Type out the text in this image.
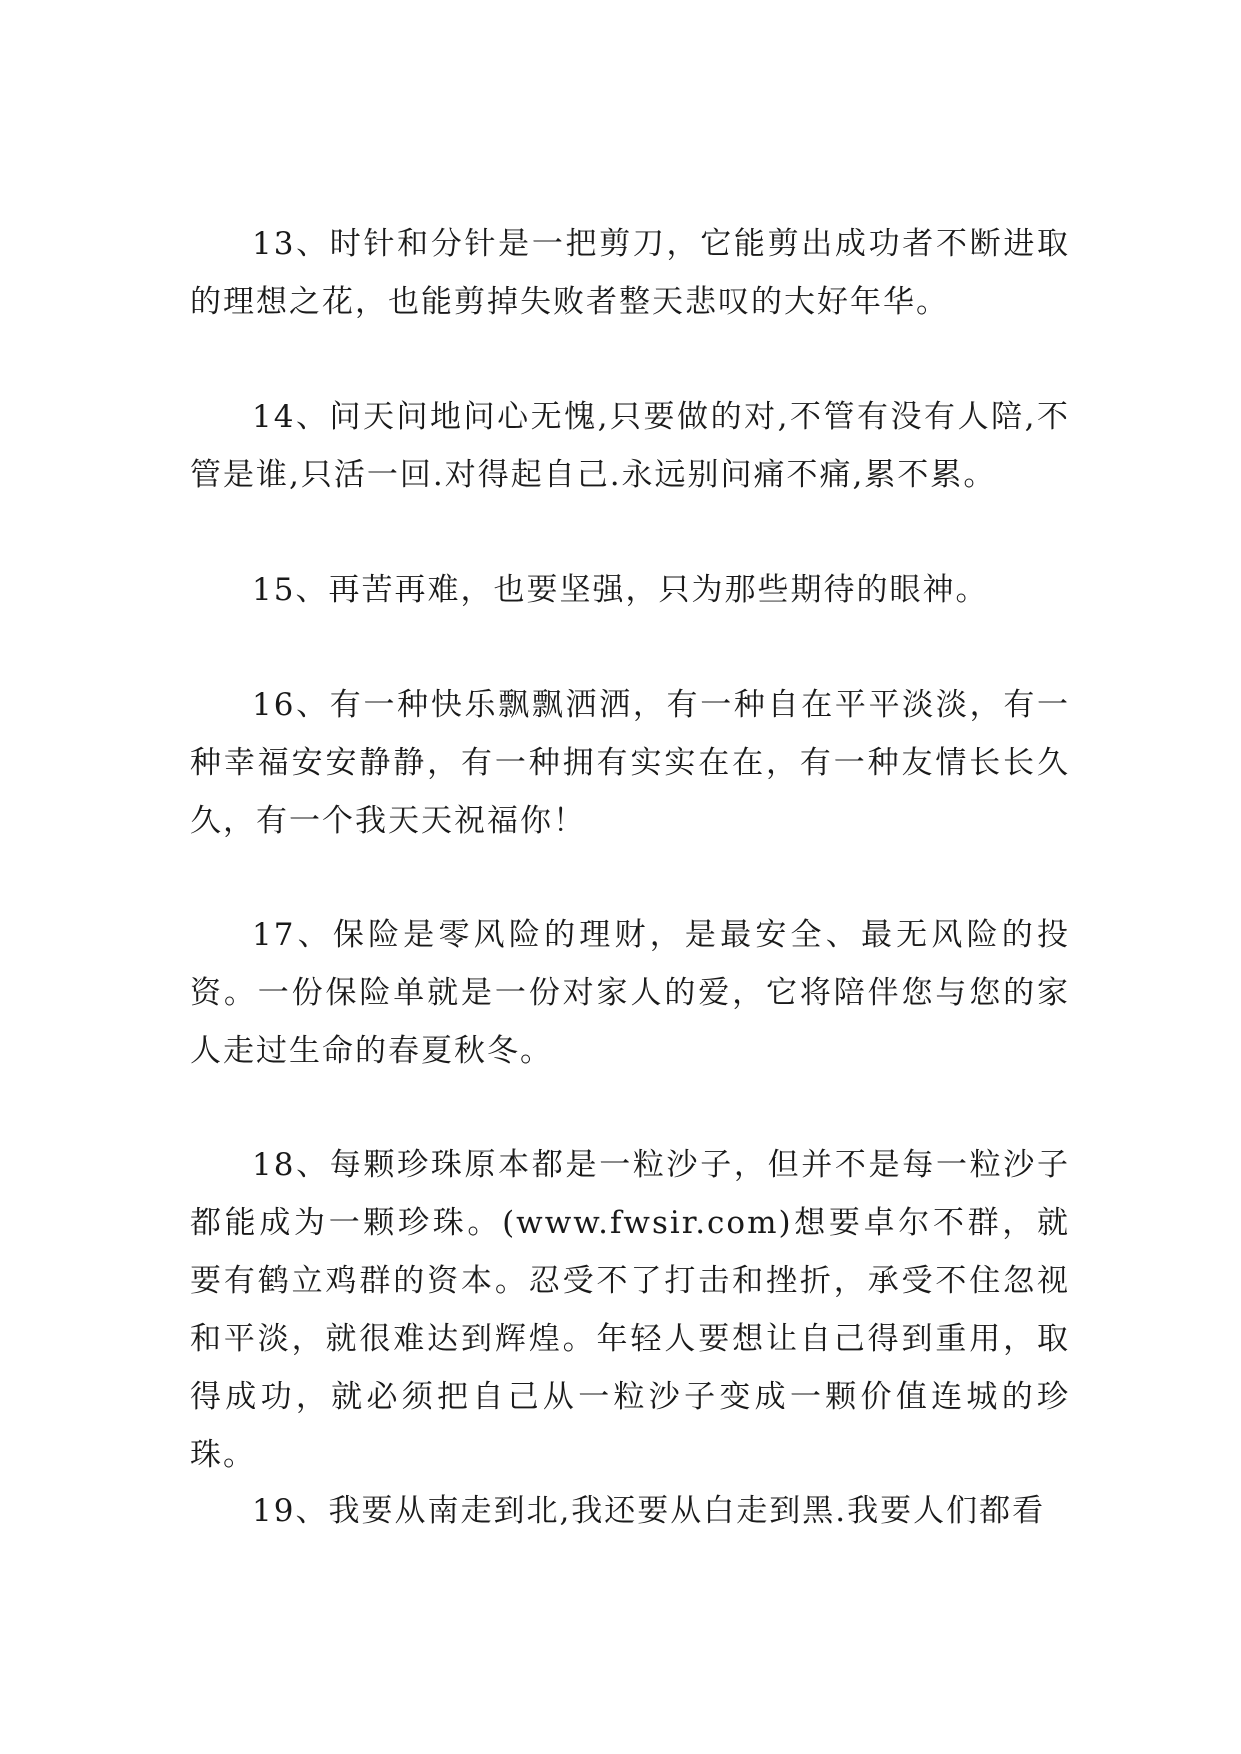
13、时针和分针是一把剪刀，它能剪出成功者不断进取的理想之花，也能剪掉失败者整天悲叹的大好年华。

14、问天问地问心无愧,只要做的对,不管有没有人陪,不管是谁,只活一回.对得起自己.永远别问痛不痛,累不累。

15、再苦再难，也要坚强，只为那些期待的眼神。

16、有一种快乐飘飘洒洒，有一种自在平平淡淡，有一种幸福安安静静，有一种拥有实实在在，有一种友情长长久久，有一个我天天祝福你！

17、保险是零风险的理财，是最安全、最无风险的投资。一份保险单就是一份对家人的爱，它将陪伴您与您的家人走过生命的春夏秋冬。

18、每颗珍珠原本都是一粒沙子，但并不是每一粒沙子都能成为一颗珍珠。(www.fwsir.com)想要卓尔不群，就要有鹤立鸡群的资本。忍受不了打击和挫折，承受不住忽视和平淡，就很难达到辉煌。年轻人要想让自己得到重用，取得成功，就必须把自己从一粒沙子变成一颗价值连城的珍珠。

19、我要从南走到北,我还要从白走到黑.我要人们都看
